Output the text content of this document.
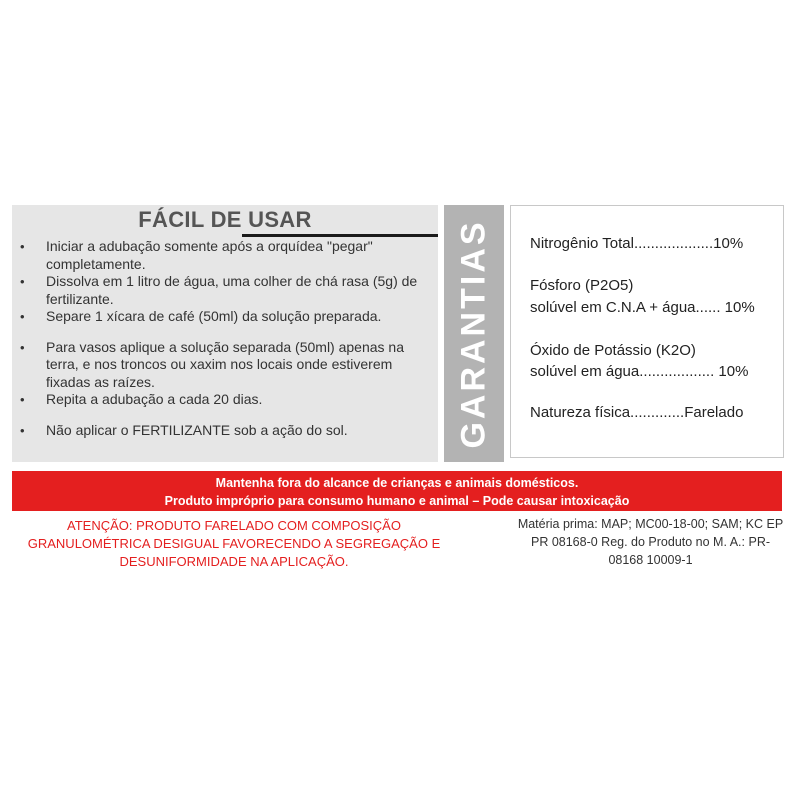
FÁCIL DE USAR
•	Iniciar a adubação somente após a orquídea "pegar" completamente.
•	Dissolva em 1 litro de água, uma colher de chá rasa (5g) de fertilizante.
•	Separe 1 xícara de café (50ml) da solução preparada.
•	Para vasos aplique a solução separada (50ml) apenas na terra, e nos troncos ou xaxim nos locais onde estiverem fixadas as raízes.
•	Repita a adubação a cada 20 dias.
•	Não aplicar o FERTILIZANTE sob a ação do sol.	GARANTIAS	Nitrogênio Total...................10%
Fósforo (P2O5)
solúvel em C.N.A + água...... 10%
Óxido de Potássio (K2O)
solúvel em água.................. 10%
Natureza física.............Farelado
Mantenha fora do alcance de crianças e animais domésticos.
Produto impróprio para consumo humano e animal – Pode causar intoxicação
ATENÇÃO: PRODUTO FARELADO COM COMPOSIÇÃO GRANULOMÉTRICA DESIGUAL FAVORECENDO A SEGREGAÇÃO E DESUNIFORMIDADE NA APLICAÇÃO.
Matéria prima: MAP; MC00-18-00; SAM; KC EP PR 08168-0 Reg. do Produto no M. A.: PR-08168 10009-1
